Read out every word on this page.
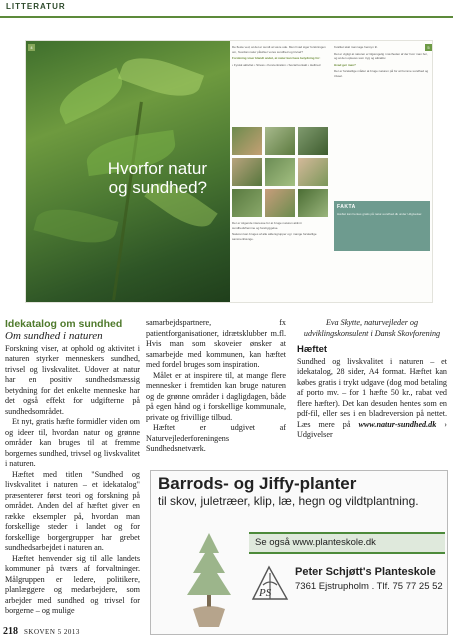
LITTERATUR
4
Hvorfor natur
og sundhed?
5

De fleste ved, at det er sundt at være ude. Men hvad siger forskningen om, hvordan natur påvirker vores sundhed og trivsel?

Forskning viser blandt andet, at natur kan have betydning for:

• Fysisk aktivitet • Stress • Koncentration • Social kontakt • Helbred

Der er stigende interesse for at bruge naturen aktivt i sundhedsfremme og forebyggelse.

Naturen kan bruges af alle aldersgrupper og i mange forskellige sammenhænge.

Kvalitet skal man tage hensyn til.

Det er vigtigt at naturen er tilgængelig i nærheden af der hvor man bor, og at den opleves som tryg og attraktiv.

Hvad gør man?

Der er forskellige måder at bruge naturen på for at fremme sundhed og trivsel.

FAKTA
Hæftet kan hentes gratis på natur-sundhed.dk under Udgivelser.
Idekatalog om sundhed
Om sundhed i naturen
Forskning viser, at ophold og aktivitet i naturen styrker menneskers sundhed, trivsel og livskvalitet. Udover at natur har en positiv sundhedsmæssig betydning for det enkelte menneske har det også effekt for udgifterne på sundhedsområdet.
Et nyt, gratis hæfte formidler viden om og ideer til, hvordan natur og grønne områder kan bruges til at fremme borgernes sundhed, trivsel og livskvalitet i naturen.
Hæftet med titlen "Sundhed og livskvalitet i naturen – et idekatalog" præsenterer først teori og forskning på området. Anden del af hæftet giver en række eksempler på, hvordan man forskellige steder i landet og for forskellige borgergrupper har grebet sundhedsarbejdet i naturen an.
Hæftet henvender sig til alle landets kommuner på tværs af forvaltninger. Målgruppen er ledere, politikere, planlæggere og medarbejdere, som arbejder med sundhed og trivsel for borgerne – og mulige
samarbejdspartnere, fx patientforganisationer, idrætsklubber m.fl. Hvis man som skoveier ønsker at samarbejde med kommunen, kan hæftet med fordel bruges som inspiration.
Målet er at inspirere til, at mange flere mennesker i fremtiden kan bruge naturen og de grønne områder i dagligdagen, både på egen hånd og i forskellige kommunale, private og frivillige tilbud.
Hæftet er udgivet af Naturvejlederforeningens Sundhedsnetværk.
Eva Skytte, naturvejleder og udviklingskonsulent i Dansk Skovforening
Hæftet
Sundhed og livskvalitet i naturen – et idekatalog, 28 sider, A4 format. Hæftet kan købes gratis i trykt udgave (dog mod betaling af porto mv. – for 1 hæfte 50 kr., rabat ved flere hæfter). Det kan desuden hentes som en pdf-fil, eller ses i en bladreversion på nettet. Læs mere på www.natur-sundhed.dk › Udgivelser
Barrods- og Jiffy-planter
til skov, juletræer, klip, læ, hegn og vildtplantning.
Se også www.planteskole.dk
PS
Peter Schjøtt's Planteskole
7361 Ejstrupholm . Tlf. 75 77 25 52
218 SKOVEN 5 2013
